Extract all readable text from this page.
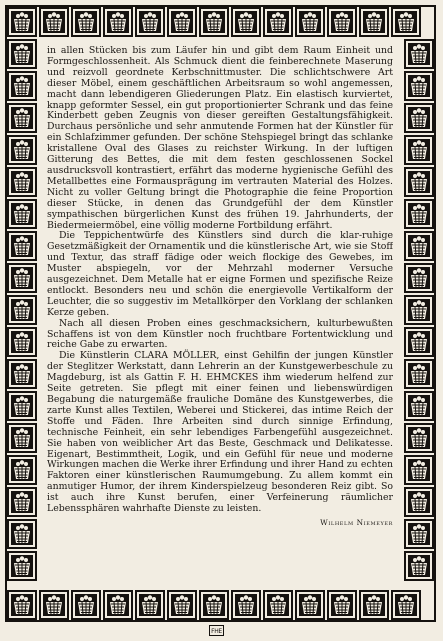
in allen Stücken bis zum Läufer hin und gibt dem Raum Einheit und Formgeschlossenheit. Als Schmuck dient die feinberechnete Maserung und reizvoll geordnete Kerbschnittmuster. Die schlichtschwere Art dieser Möbel, einem geschäftlichen Arbeitsraum so wohl angemessen, macht dann lebendigeren Gliederungen Platz. Ein elastisch kurviertet, knapp geformter Sessel, ein gut proportionierter Schrank und das feine Kinderbett geben Zeugnis von dieser gereiften Gestaltungsfähigkeit. Durchaus persönliche und sehr anmutende Formen hat der Künstler für ein Schlafzimmer gefunden. Der schöne Stehspiegel bringt das schlanke kristallene Oval des Glases zu reichster Wirkung. In der luftigen Gitterung des Bettes, die mit dem festen geschlossenen Sockel ausdrucksvoll kontrastiert, erfährt das moderne hygienische Gefühl des Metallbettes eine Formausprägung im vertrauten Material des Holzes. Nicht zu voller Geltung bringt die Photographie die feine Proportion dieser Stücke, in denen das Grundgefühl der dem Künstler sympathischen bürgerlichen Kunst des frühen 19. Jahrhunderts, der Biedermeiermöbel, eine völlig moderne Fortbildung erfährt.

Die Teppichentwürfe des Künstlers sind durch die klar-ruhige Gesetzmäßigkeit der Ornamentik und die künstlerische Art, wie sie Stoff und Textur, das straff fädige oder weich flockige des Gewebes, im Muster abspiegeln, vor der Mehrzahl moderner Versuche ausgezeichnet. Dem Metalle hat er eigne Formen und spezifische Reize entlockt. Besonders neu und schön die energievolle Vertikalform der Leuchter, die so suggestiv im Metallkörper den Vorklang der schlanken Kerze geben.

Nach all diesen Proben eines geschmacksichern, kulturbewußten Schaffens ist von dem Künstler noch fruchtbare Fortentwicklung und reiche Gabe zu erwarten.

Die Künstlerin CLARA MÖLLER, einst Gehilfin der jungen Künstler der Steglitzer Werkstatt, dann Lehrerin an der Kunstgewerbeschule zu Magdeburg, ist als Gattin F. H. EHMCKES ihm wiederum helfend zur Seite getreten. Sie pflegt mit einer feinen und liebenswürdigen Begabung die naturgemäße frauliche Domäne des Kunstgewerbes, die zarte Kunst alles Textilen, Weberei und Stickerei, das intime Reich der Stoffe und Fäden. Ihre Arbeiten sind durch sinnige Erfindung, technische Feinheit, ein sehr lebendiges Farbengefühl ausgezeichnet. Sie haben von weiblicher Art das Beste, Geschmack und Delikatesse. Eigenart, Bestimmtheit, Logik, und ein Gefühl für neue und moderne Wirkungen machen die Werke ihrer Erfindung und ihrer Hand zu echten Faktoren einer künstlerischen Raumumgebung. Zu allem kommt ein anmutiger Humor, der ihrem Kinderspielzeug besonderen Reiz gibt. So ist auch ihre Kunst berufen, einer Verfeinerung räumlicher Lebenssphären wahrhafte Dienste zu leisten.

Wilhelm Niemeyer
FHE
